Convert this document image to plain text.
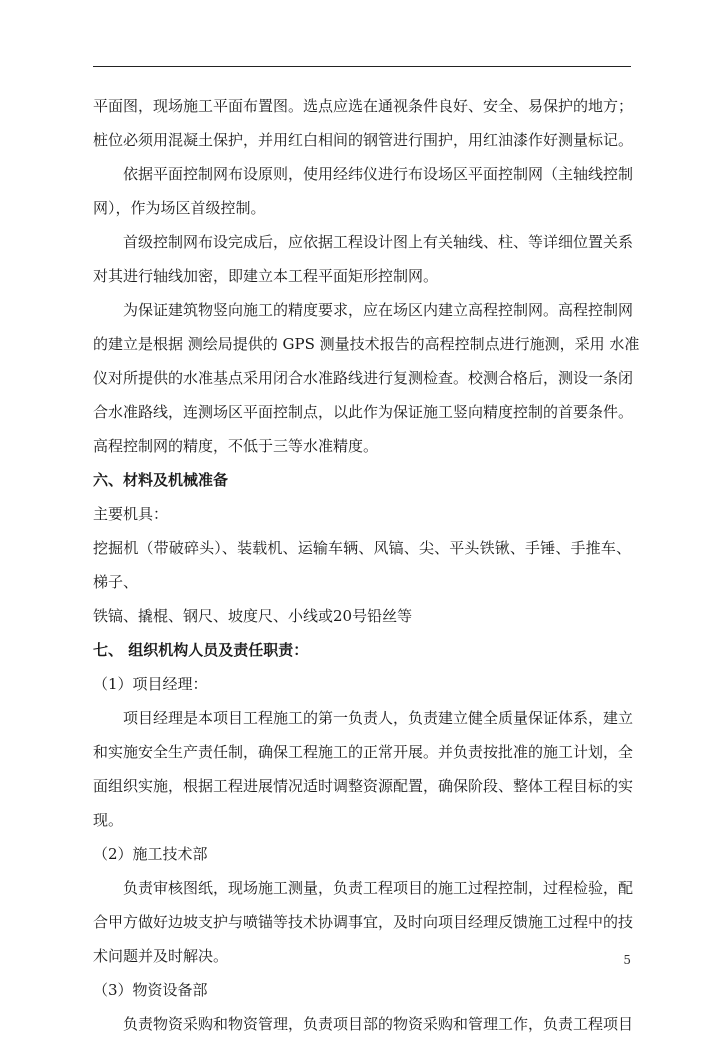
平面图，现场施工平面布置图。选点应选在通视条件良好、安全、易保护的地方；
桩位必须用混凝土保护，并用红白相间的钢管进行围护，用红油漆作好测量标记。
依据平面控制网布设原则，使用经纬仪进行布设场区平面控制网（主轴线控制
网），作为场区首级控制。
首级控制网布设完成后，应依据工程设计图上有关轴线、柱、等详细位置关系
对其进行轴线加密，即建立本工程平面矩形控制网。
为保证建筑物竖向施工的精度要求，应在场区内建立高程控制网。高程控制网
的建立是根据 测绘局提供的 GPS 测量技术报告的高程控制点进行施测，采用 水准
仪对所提供的水准基点采用闭合水准路线进行复测检查。校测合格后，测设一条闭
合水准路线，连测场区平面控制点，以此作为保证施工竖向精度控制的首要条件。
高程控制网的精度，不低于三等水准精度。
六、材料及机械准备
主要机具：
挖掘机（带破碎头）、装载机、运输车辆、风镐、尖、平头铁锹、手锤、手推车、
梯子、
铁镐、撬棍、钢尺、坡度尺、小线或20号铅丝等
七、 组织机构人员及责任职责：
（1）项目经理：
项目经理是本项目工程施工的第一负责人，负责建立健全质量保证体系，建立
和实施安全生产责任制，确保工程施工的正常开展。并负责按批准的施工计划，全
面组织实施，根据工程进展情况适时调整资源配置，确保阶段、整体工程目标的实
现。
（2）施工技术部
负责审核图纸，现场施工测量，负责工程项目的施工过程控制，过程检验，配
合甲方做好边坡支护与喷锚等技术协调事宜，及时向项目经理反馈施工过程中的技
术问题并及时解决。
（3）物资设备部
负责物资采购和物资管理，负责项目部的物资采购和管理工作，负责工程项目
5
